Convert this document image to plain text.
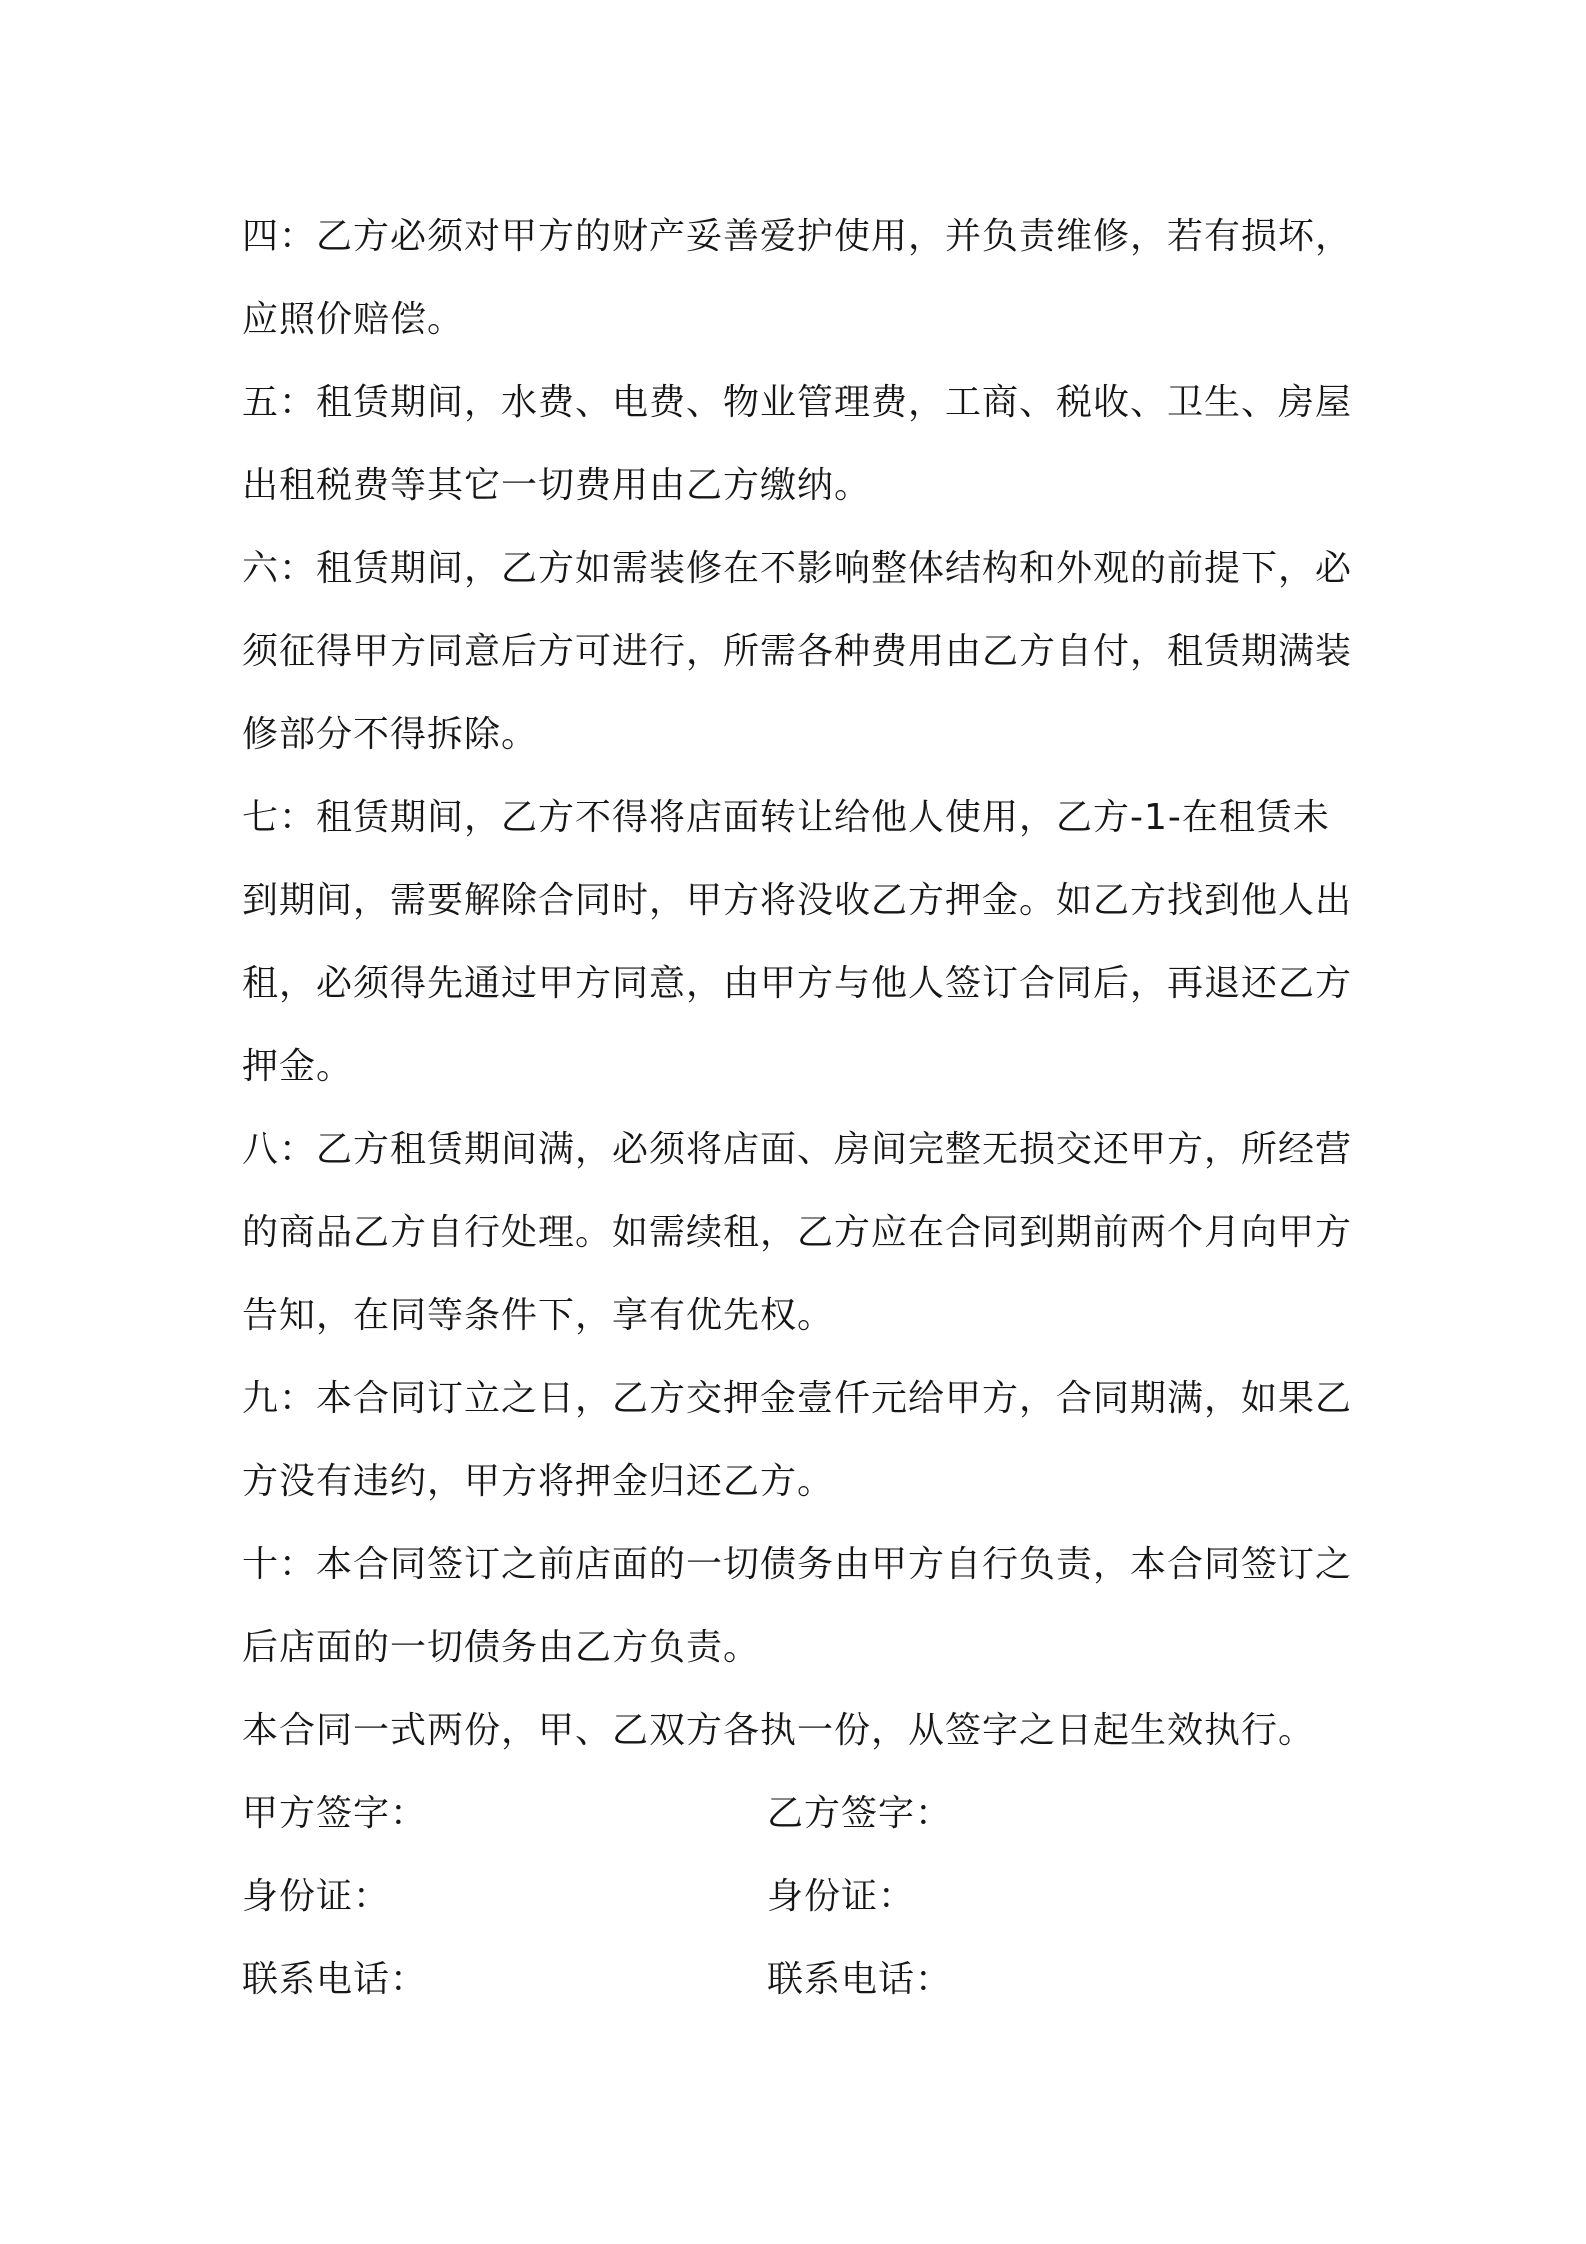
四：乙方必须对甲方的财产妥善爱护使用，并负责维修，若有损坏，应照价赔偿。

五：租赁期间，水费、电费、物业管理费，工商、税收、卫生、房屋出租税费等其它一切费用由乙方缴纳。

六：租赁期间，乙方如需装修在不影响整体结构和外观的前提下，必须征得甲方同意后方可进行，所需各种费用由乙方自付，租赁期满装修部分不得拆除。

七：租赁期间，乙方不得将店面转让给他人使用，乙方-1-在租赁未到期间，需要解除合同时，甲方将没收乙方押金。如乙方找到他人出租，必须得先通过甲方同意，由甲方与他人签订合同后，再退还乙方押金。

八：乙方租赁期间满，必须将店面、房间完整无损交还甲方，所经营的商品乙方自行处理。如需续租，乙方应在合同到期前两个月向甲方告知，在同等条件下，享有优先权。

九：本合同订立之日，乙方交押金壹仟元给甲方，合同期满，如果乙方没有违约，甲方将押金归还乙方。

十：本合同签订之前店面的一切债务由甲方自行负责，本合同签订之后店面的一切债务由乙方负责。

本合同一式两份，甲、乙双方各执一份，从签字之日起生效执行。

甲方签字：	乙方签字：
身份证：	身份证：
联系电话：	联系电话：
